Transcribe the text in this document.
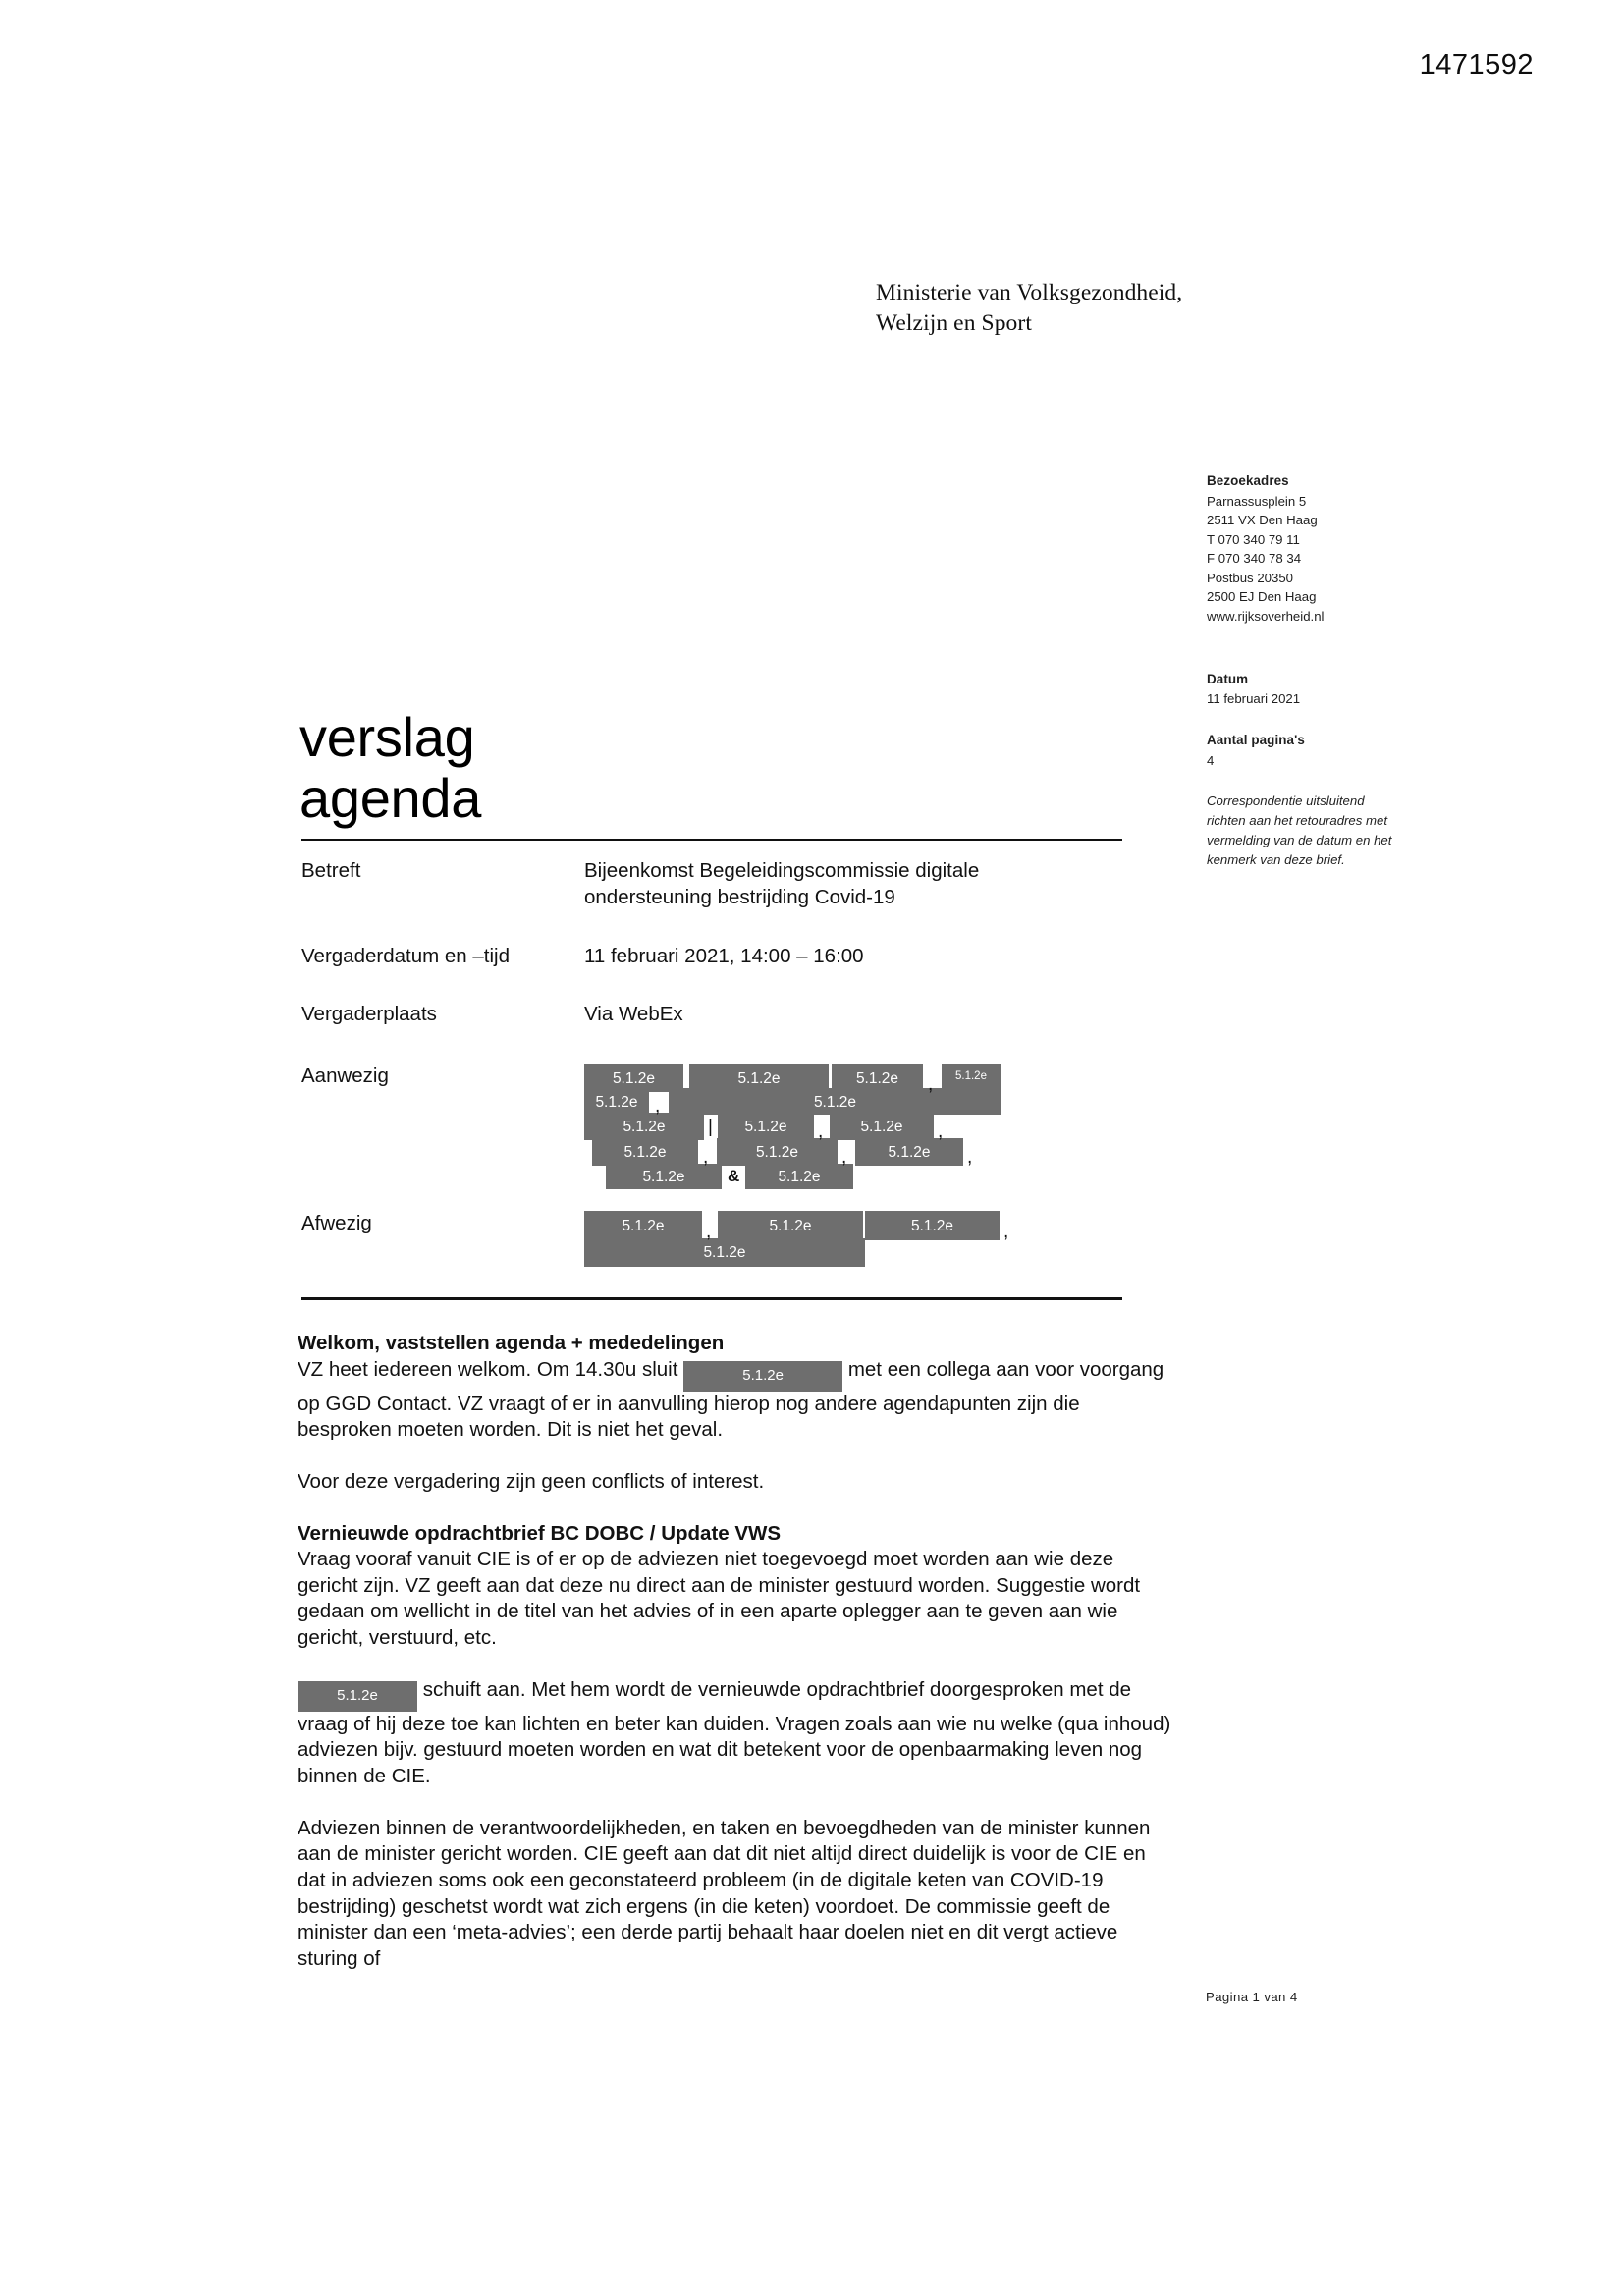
1471592
Ministerie van Volksgezondheid,
Welzijn en Sport
Bezoekadres
Parnassusplein 5
2511 VX Den Haag
T 070 340 79 11
F 070 340 78 34
Postbus 20350
2500 EJ Den Haag
www.rijksoverheid.nl
Datum
11 februari 2021
Aantal pagina's
4
Correspondentie uitsluitend
richten aan het retouradres met
vermelding van de datum en het
kenmerk van deze brief.
verslag
agenda
Betreft	Bijeenkomst Begeleidingscommissie digitale
ondersteuning bestrijding Covid-19
Vergaderdatum en –tijd	11 februari 2021, 14:00 – 16:00
Vergaderplaats	Via WebEx
Aanwezig	5.1.2e	5.1.2e	5.1.2e	,	5.1.2e
5.1.2e ,	5.1.2e
5.1.2e	|	5.1.2e	,	5.1.2e	,
5.1.2e	,	5.1.2e	,	5.1.2e	,
5.1.2e	&	5.1.2e
Afwezig	5.1.2e	,	5.1.2e	5.1.2e	,
5.1.2e
Welkom, vaststellen agenda + mededelingen

VZ heet iedereen welkom. Om 14.30u sluit	5.1.2e	met een collega aan voor voorgang op GGD Contact. VZ vraagt of er in aanvulling hierop nog andere agendapunten zijn die besproken moeten worden. Dit is niet het geval.

Voor deze vergadering zijn geen conflicts of interest.

Vernieuwde opdrachtbrief BC DOBC / Update VWS

Vraag vooraf vanuit CIE is of er op de adviezen niet toegevoegd moet worden aan wie deze gericht zijn. VZ geeft aan dat deze nu direct aan de minister gestuurd worden. Suggestie wordt gedaan om wellicht in de titel van het advies of in een aparte oplegger aan te geven aan wie gericht, verstuurd, etc.

5.1.2e schuift aan. Met hem wordt de vernieuwde opdrachtbrief doorgesproken met de vraag of hij deze toe kan lichten en beter kan duiden. Vragen zoals aan wie nu welke (qua inhoud) adviezen bijv. gestuurd moeten worden en wat dit betekent voor de openbaarmaking leven nog binnen de CIE.

Adviezen binnen de verantwoordelijkheden, en taken en bevoegdheden van de minister kunnen aan de minister gericht worden. CIE geeft aan dat dit niet altijd direct duidelijk is voor de CIE en dat in adviezen soms ook een geconstateerd probleem (in de digitale keten van COVID-19 bestrijding) geschetst wordt wat zich ergens (in die keten) voordoet. De commissie geeft de minister dan een ‘meta-advies’; een derde partij behaalt haar doelen niet en dit vergt actieve sturing of

Pagina 1 van 4
